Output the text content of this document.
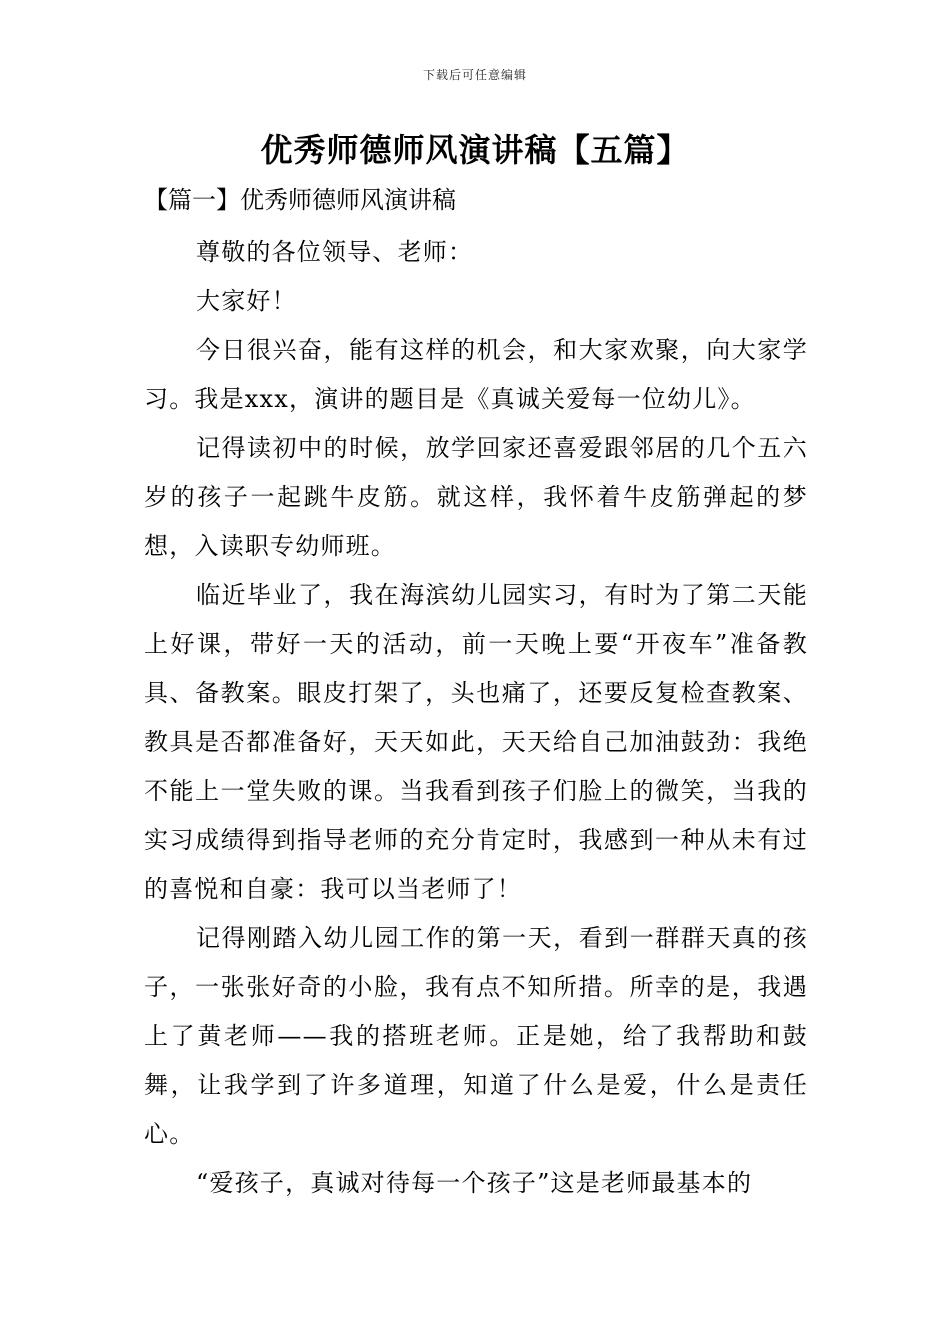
下载后可任意编辑
优秀师德师风演讲稿【五篇】
【篇一】优秀师德师风演讲稿

尊敬的各位领导、老师：

大家好！

今日很兴奋，能有这样的机会，和大家欢聚，向大家学习。我是xxx，演讲的题目是《真诚关爱每一位幼儿》。

记得读初中的时候，放学回家还喜爱跟邻居的几个五六岁的孩子一起跳牛皮筋。就这样，我怀着牛皮筋弹起的梦想，入读职专幼师班。

临近毕业了，我在海滨幼儿园实习，有时为了第二天能上好课，带好一天的活动，前一天晚上要“开夜车”准备教具、备教案。眼皮打架了，头也痛了，还要反复检查教案、教具是否都准备好，天天如此，天天给自己加油鼓劲：我绝不能上一堂失败的课。当我看到孩子们脸上的微笑，当我的实习成绩得到指导老师的充分肯定时，我感到一种从未有过的喜悦和自豪：我可以当老师了！

记得刚踏入幼儿园工作的第一天，看到一群群天真的孩子，一张张好奇的小脸，我有点不知所措。所幸的是，我遇上了黄老师——我的搭班老师。正是她，给了我帮助和鼓舞，让我学到了许多道理，知道了什么是爱，什么是责任心。

“爱孩子，真诚对待每一个孩子”这是老师最基本的
